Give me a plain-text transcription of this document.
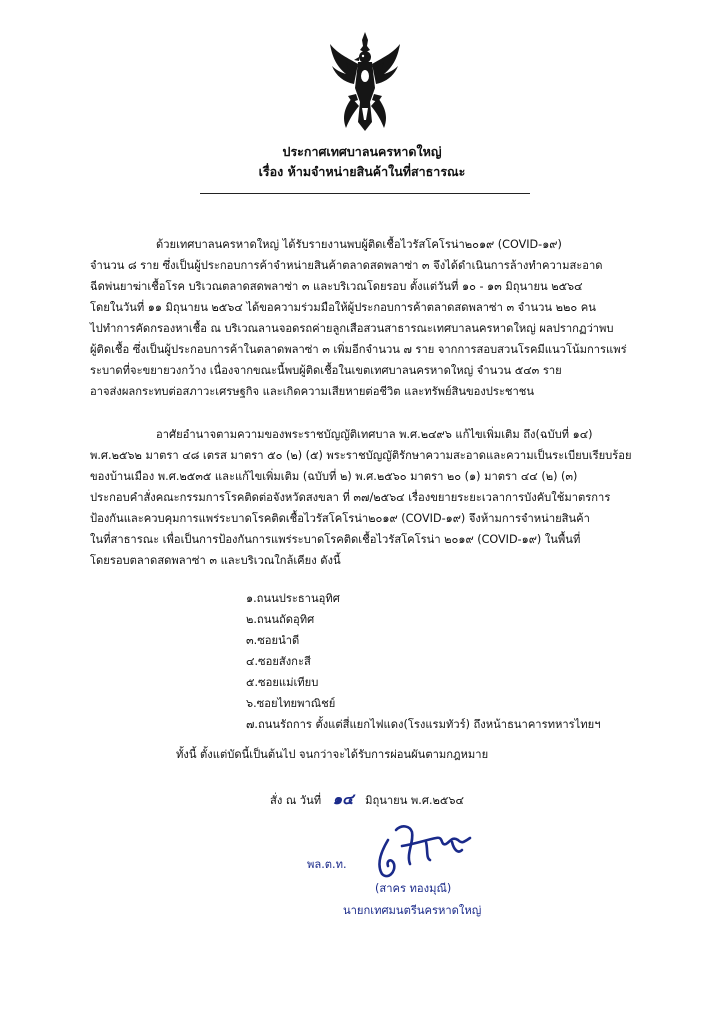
ประกาศเทศบาลนครหาดใหญ่
เรื่อง ห้ามจำหน่ายสินค้าในที่สาธารณะ
ด้วยเทศบาลนครหาดใหญ่ ได้รับรายงานพบผู้ติดเชื้อไวรัสโคโรน่า๒๐๑๙ (COVID-๑๙)
จำนวน ๘ ราย ซึ่งเป็นผู้ประกอบการค้าจำหน่ายสินค้าตลาดสดพลาซ่า ๓ จึงได้ดำเนินการล้างทำความสะอาด
ฉีดพ่นยาฆ่าเชื้อโรค บริเวณตลาดสดพลาซ่า ๓ และบริเวณโดยรอบ ตั้งแต่วันที่ ๑๐ - ๑๓ มิถุนายน ๒๕๖๔
โดยในวันที่ ๑๑ มิถุนายน ๒๕๖๔ ได้ขอความร่วมมือให้ผู้ประกอบการค้าตลาดสดพลาซ่า ๓ จำนวน ๒๒๐ คน
ไปทำการคัดกรองหาเชื้อ ณ บริเวณลานจอดรถค่ายลูกเสือสวนสาธารณะเทศบาลนครหาดใหญ่ ผลปรากฏว่าพบ
ผู้ติดเชื้อ ซึ่งเป็นผู้ประกอบการค้าในตลาดพลาซ่า ๓ เพิ่มอีกจำนวน ๗ ราย จากการสอบสวนโรคมีแนวโน้มการแพร่
ระบาดที่จะขยายวงกว้าง เนื่องจากขณะนี้พบผู้ติดเชื้อในเขตเทศบาลนครหาดใหญ่ จำนวน ๕๔๓ ราย
อาจส่งผลกระทบต่อสภาวะเศรษฐกิจ และเกิดความเสียหายต่อชีวิต และทรัพย์สินของประชาชน
อาศัยอำนาจตามความของพระราชบัญญัติเทศบาล พ.ศ.๒๔๙๖ แก้ไขเพิ่มเติม ถึง(ฉบับที่ ๑๔)
พ.ศ.๒๕๖๒ มาตรา ๔๘ เตรส มาตรา ๕๐ (๒) (๕) พระราชบัญญัติรักษาความสะอาดและความเป็นระเบียบเรียบร้อย
ของบ้านเมือง พ.ศ.๒๕๓๕ และแก้ไขเพิ่มเติม (ฉบับที่ ๒) พ.ศ.๒๕๖๐ มาตรา ๒๐ (๑) มาตรา ๔๔ (๒) (๓)
ประกอบคำสั่งคณะกรรมการโรคติดต่อจังหวัดสงขลา ที่ ๓๗/๒๕๖๔ เรื่องขยายระยะเวลาการบังคับใช้มาตรการ
ป้องกันและควบคุมการแพร่ระบาดโรคติดเชื้อไวรัสโคโรน่า๒๐๑๙ (COVID-๑๙) จึงห้ามการจำหน่ายสินค้า
ในที่สาธารณะ เพื่อเป็นการป้องกันการแพร่ระบาดโรคติดเชื้อไวรัสโคโรน่า ๒๐๑๙ (COVID-๑๙) ในพื้นที่
โดยรอบตลาดสดพลาซ่า ๓ และบริเวณใกล้เคียง ดังนี้
๑.ถนนประธานอุทิศ
๒.ถนนถัดอุทิศ
๓.ซอยนำดี
๔.ซอยสังกะสี
๕.ซอยแม่เทียบ
๖.ซอยไทยพาณิชย์
๗.ถนนรัถการ ตั้งแต่สี่แยกไฟแดง(โรงแรมทัวร์) ถึงหน้าธนาคารทหารไทยฯ
ทั้งนี้ ตั้งแต่บัดนี้เป็นต้นไป จนกว่าจะได้รับการผ่อนผันตามกฎหมาย
สั่ง ณ วันที่ ๑๔ มิถุนายน พ.ศ.๒๕๖๔
พล.ต.ท.
(สาคร ทองมุณี)
นายกเทศมนตรีนครหาดใหญ่
